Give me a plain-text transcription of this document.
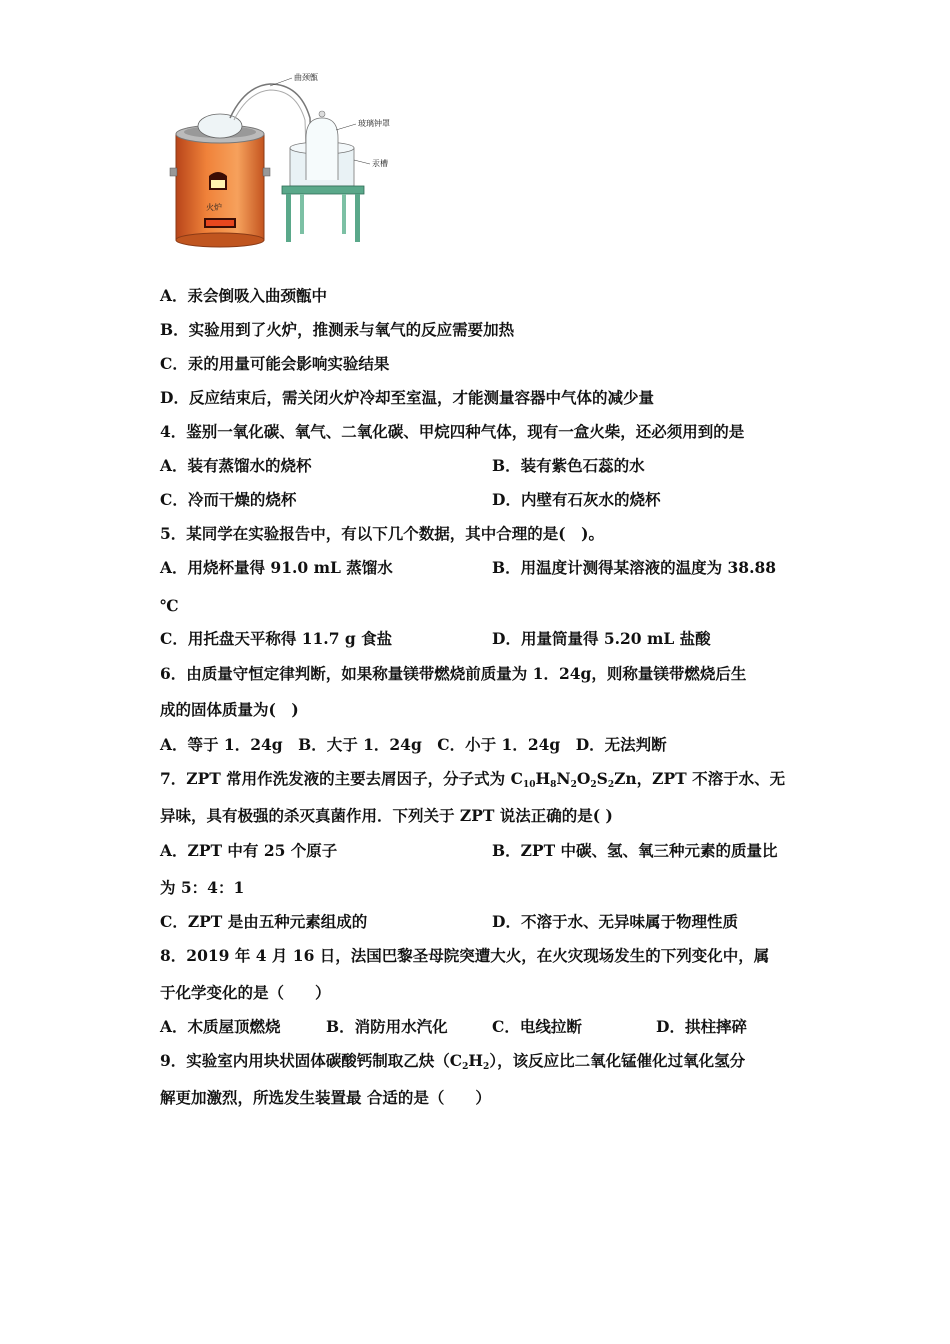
火炉
曲颈甑
玻璃钟罩
汞槽
A．汞会倒吸入曲颈甑中
B．实验用到了火炉，推测汞与氧气的反应需要加热
C．汞的用量可能会影响实验结果
D．反应结束后，需关闭火炉冷却至室温，才能测量容器中气体的减少量
4．鉴别一氧化碳、氧气、二氧化碳、甲烷四种气体，现有一盒火柴，还必须用到的是
A．装有蒸馏水的烧杯	B．装有紫色石蕊的水
C．冷而干燥的烧杯	D．内壁有石灰水的烧杯
5．某同学在实验报告中，有以下几个数据，其中合理的是(　)。
A．用烧杯量得 91.0 mL 蒸馏水	B．用温度计测得某溶液的温度为 38.88
℃
C．用托盘天平称得 11.7 g 食盐	D．用量筒量得 5.20 mL 盐酸
6．由质量守恒定律判断，如果称量镁带燃烧前质量为 1．24g，则称量镁带燃烧后生
成的固体质量为(　)
A．等于 1．24g　B．大于 1．24g　C．小于 1．24g　D．无法判断
7．ZPT 常用作洗发液的主要去屑因子，分子式为 $C_{10}H_8N_2O_2S_2Zn$，ZPT 不溶于水、无
异味，具有极强的杀灭真菌作用．下列关于 ZPT 说法正确的是( )
A．ZPT 中有 25 个原子	B．ZPT 中碳、氢、氧三种元素的质量比
为 5：4：1
C．ZPT 是由五种元素组成的	D．不溶于水、无异味属于物理性质
8．2019 年 4 月 16 日，法国巴黎圣母院突遭大火，在火灾现场发生的下列变化中，属
于化学变化的是（　　）
A．木质屋顶燃烧	B．消防用水汽化	C．电线拉断	D．拱柱摔碎
9．实验室内用块状固体碳酸钙制取乙炔$(C_2H_2)$，该反应比二氧化锰催化过氧化氢分
解更加激烈，所选发生装置最 合适的是（　　）
